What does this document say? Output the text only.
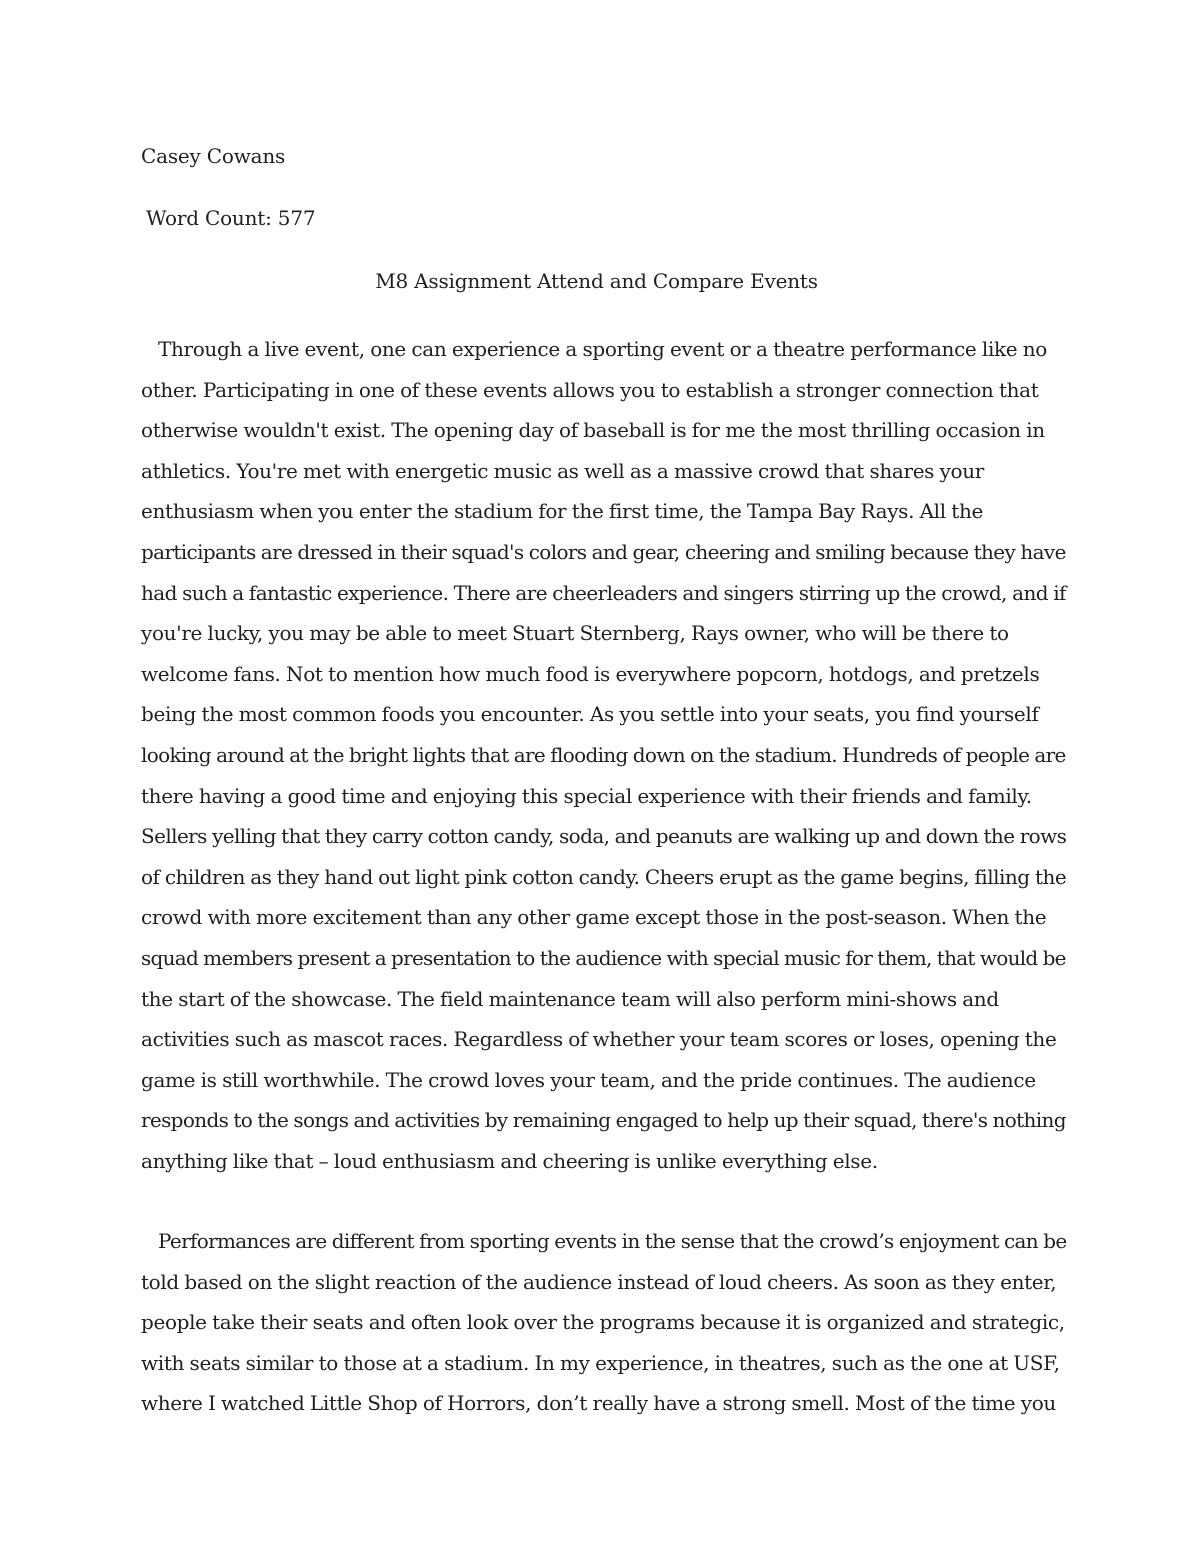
Casey Cowans

Word Count: 577

M8 Assignment Attend and Compare Events

Through a live event, one can experience a sporting event or a theatre performance like no
other. Participating in one of these events allows you to establish a stronger connection that
otherwise wouldn't exist. The opening day of baseball is for me the most thrilling occasion in
athletics. You're met with energetic music as well as a massive crowd that shares your
enthusiasm when you enter the stadium for the first time, the Tampa Bay Rays. All the
participants are dressed in their squad's colors and gear, cheering and smiling because they have
had such a fantastic experience. There are cheerleaders and singers stirring up the crowd, and if
you're lucky, you may be able to meet Stuart Sternberg, Rays owner, who will be there to
welcome fans. Not to mention how much food is everywhere popcorn, hotdogs, and pretzels
being the most common foods you encounter. As you settle into your seats, you find yourself
looking around at the bright lights that are flooding down on the stadium. Hundreds of people are
there having a good time and enjoying this special experience with their friends and family.
Sellers yelling that they carry cotton candy, soda, and peanuts are walking up and down the rows
of children as they hand out light pink cotton candy. Cheers erupt as the game begins, filling the
crowd with more excitement than any other game except those in the post-season. When the
squad members present a presentation to the audience with special music for them, that would be
the start of the showcase. The field maintenance team will also perform mini-shows and
activities such as mascot races. Regardless of whether your team scores or loses, opening the
game is still worthwhile. The crowd loves your team, and the pride continues. The audience
responds to the songs and activities by remaining engaged to help up their squad, there's nothing
anything like that – loud enthusiasm and cheering is unlike everything else.
Performances are different from sporting events in the sense that the crowd’s enjoyment can be
told based on the slight reaction of the audience instead of loud cheers. As soon as they enter,
people take their seats and often look over the programs because it is organized and strategic,
with seats similar to those at a stadium. In my experience, in theatres, such as the one at USF,
where I watched Little Shop of Horrors, don’t really have a strong smell. Most of the time you
